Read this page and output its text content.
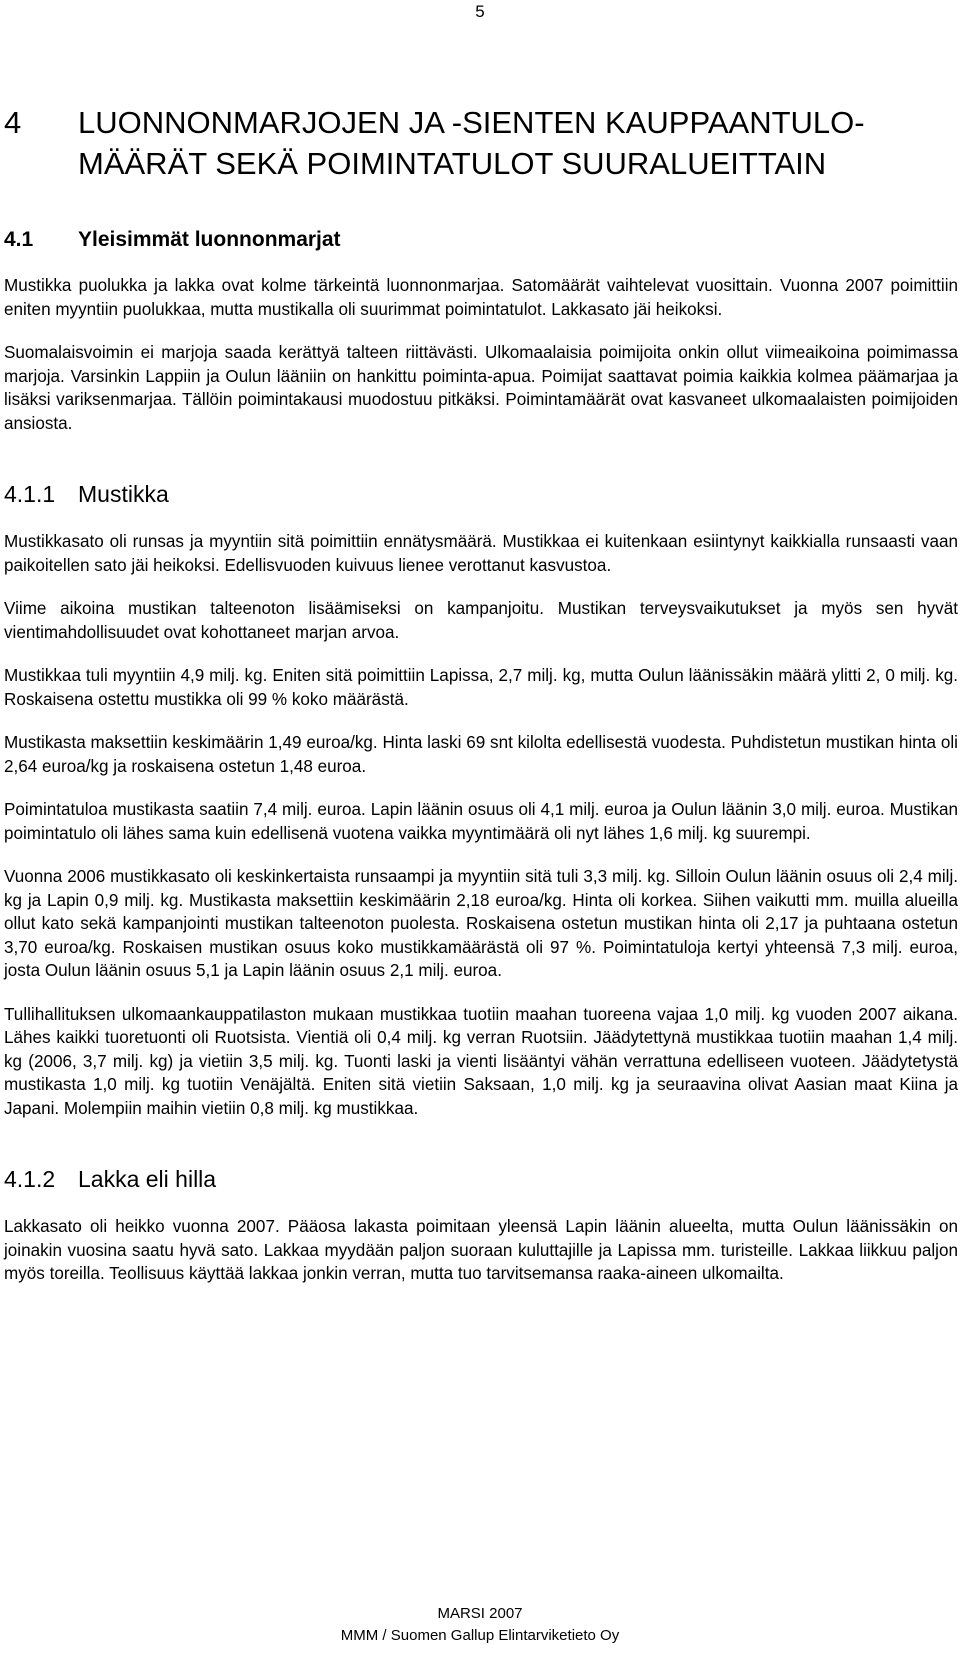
5
4	LUONNONMARJOJEN JA -SIENTEN KAUPPAANTULO-
MÄÄRÄT SEKÄ POIMINTATULOT SUURALUEITTAIN
4.1	Yleisimmät luonnonmarjat

Mustikka puolukka ja lakka ovat kolme tärkeintä luonnonmarjaa. Satomäärät vaihtelevat vuosittain. Vuonna 2007 poimittiin eniten myyntiin puolukkaa, mutta mustikalla oli suurimmat poimintatulot. Lakkasato jäi heikoksi.

Suomalaisvoimin ei marjoja saada kerättyä talteen riittävästi. Ulkomaalaisia poimijoita onkin ollut viimeaikoina poimimassa marjoja. Varsinkin Lappiin ja Oulun lääniin on hankittu poiminta-apua. Poimijat saattavat poimia kaikkia kolmea päämarjaa ja lisäksi variksenmarjaa. Tällöin poimintakausi muodostuu pitkäksi. Poimintamäärät ovat kasvaneet ulkomaalaisten poimijoiden ansiosta.

4.1.1 Mustikka

Mustikkasato oli runsas ja myyntiin sitä poimittiin ennätysmäärä. Mustikkaa ei kuitenkaan esiintynyt kaikkialla runsaasti vaan paikoitellen sato jäi heikoksi. Edellisvuoden kuivuus lienee verottanut kasvustoa.

Viime aikoina mustikan talteenoton lisäämiseksi on kampanjoitu. Mustikan terveysvaikutukset ja myös sen hyvät vientimahdollisuudet ovat kohottaneet marjan arvoa.

Mustikkaa tuli myyntiin 4,9 milj. kg. Eniten sitä poimittiin Lapissa, 2,7 milj. kg, mutta Oulun läänissäkin määrä ylitti 2, 0 milj. kg. Roskaisena ostettu mustikka oli 99 % koko määrästä.

Mustikasta maksettiin keskimäärin 1,49 euroa/kg. Hinta laski 69 snt kilolta edellisestä vuodesta. Puhdistetun mustikan hinta oli 2,64 euroa/kg ja roskaisena ostetun 1,48 euroa.

Poimintatuloa mustikasta saatiin 7,4 milj. euroa. Lapin läänin osuus oli 4,1 milj. euroa ja Oulun läänin 3,0 milj. euroa. Mustikan poimintatulo oli lähes sama kuin edellisenä vuotena vaikka myyntimäärä oli nyt lähes 1,6 milj. kg suurempi.

Vuonna 2006 mustikkasato oli keskinkertaista runsaampi ja myyntiin sitä tuli 3,3 milj. kg. Silloin Oulun läänin osuus oli 2,4 milj. kg ja Lapin 0,9 milj. kg. Mustikasta maksettiin keskimäärin 2,18 euroa/kg. Hinta oli korkea. Siihen vaikutti mm. muilla alueilla ollut kato sekä kampanjointi mustikan talteenoton puolesta. Roskaisena ostetun mustikan hinta oli 2,17 ja puhtaana ostetun 3,70 euroa/kg. Roskaisen mustikan osuus koko mustikkamäärästä oli 97 %. Poimintatuloja kertyi yhteensä 7,3 milj. euroa, josta Oulun läänin osuus 5,1 ja Lapin läänin osuus 2,1 milj. euroa.

Tullihallituksen ulkomaankauppatilaston mukaan mustikkaa tuotiin maahan tuoreena vajaa 1,0 milj. kg vuoden 2007 aikana. Lähes kaikki tuoretuonti oli Ruotsista. Vientiä oli 0,4 milj. kg verran Ruotsiin. Jäädytettynä mustikkaa tuotiin maahan 1,4 milj. kg (2006, 3,7 milj. kg) ja vietiin 3,5 milj. kg. Tuonti laski ja vienti lisääntyi vähän verrattuna edelliseen vuoteen. Jäädytetystä mustikasta 1,0 milj. kg tuotiin Venäjältä. Eniten sitä vietiin Saksaan, 1,0 milj. kg ja seuraavina olivat Aasian maat Kiina ja Japani. Molempiin maihin vietiin 0,8 milj. kg mustikkaa.

4.1.2 Lakka eli hilla

Lakkasato oli heikko vuonna 2007. Pääosa lakasta poimitaan yleensä Lapin läänin alueelta, mutta Oulun läänissäkin on joinakin vuosina saatu hyvä sato. Lakkaa myydään paljon suoraan kuluttajille ja Lapissa mm. turisteille. Lakkaa liikkuu paljon myös toreilla. Teollisuus käyttää lakkaa jonkin verran, mutta tuo tarvitsemansa raaka-aineen ulkomailta.

MARSI 2007
MMM / Suomen Gallup Elintarviketieto Oy
